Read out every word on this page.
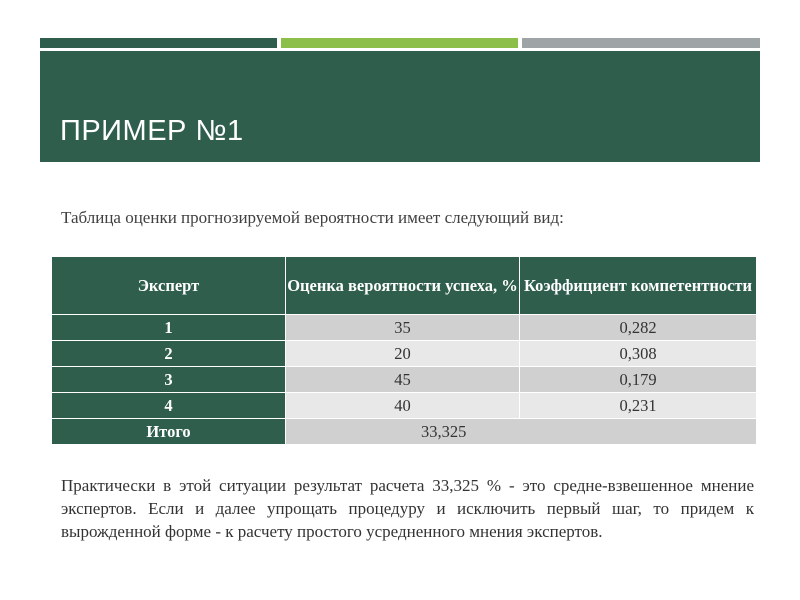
ПРИМЕР №1
Таблица оценки прогнозируемой вероятности имеет следующий вид:
Эксперт	Оценка вероятности успеха, %	Коэффициент компетентности
1	35	0,282
2	20	0,308
3	45	0,179
4	40	0,231
Итого	33,325	
Практически в этой ситуации результат расчета 33,325 % - это средне-взвешенное мнение экспертов. Если и далее упрощать процедуру и исключить первый шаг, то придем к вырожденной форме - к расчету простого усредненного мнения экспертов.
